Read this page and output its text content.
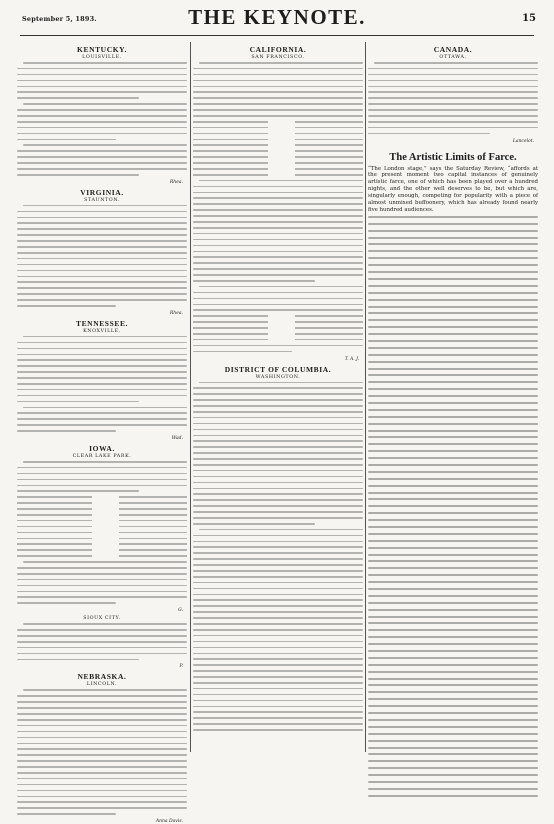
September 5, 1893.	THE KEYNOTE.	15
KENTUCKY.
LOUISVILLE.
Rhea.
VIRGINIA.
STAUNTON.
Rhea.
TENNESSEE.
KNOXVILLE.
Wad.
IOWA.
CLEAR LAKE PARK.
G.
SIOUX CITY.
P.
NEBRASKA.
LINCOLN.
Anna Davis.
CALIFORNIA.
SAN FRANCISCO.
T. A. J.
DISTRICT OF COLUMBIA.
WASHINGTON.
CANADA.
OTTAWA.
Lancelot.
The Artistic Limits of Farce.
“The London stage,” says the Saturday Review, “affords at the present moment two capital instances of genuinely artistic farce, one of which has been played over a hundred nights, and the other well deserves to be, but which are, singularly enough, competing for popularity with a piece of almost unmixed buffoonery, which has already found nearly five hundred audiences.
